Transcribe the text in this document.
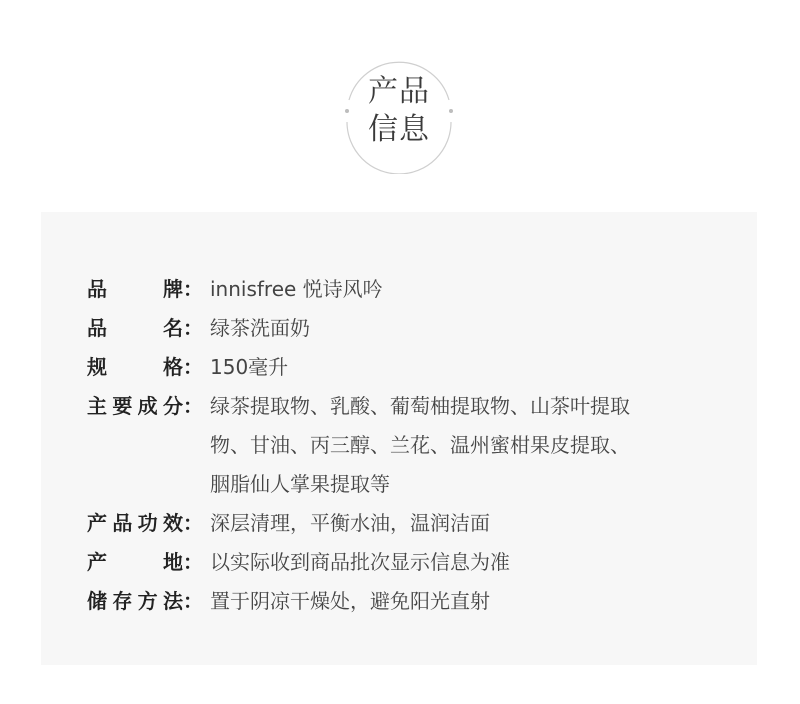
产品
信息
品 牌： innisfree 悦诗风吟
品 名： 绿茶洗面奶
规 格： 150毫升
主要成分： 绿茶提取物、乳酸、葡萄柚提取物、山茶叶提取
物、甘油、丙三醇、兰花、温州蜜柑果皮提取、
胭脂仙人掌果提取等
产品功效： 深层清理，平衡水油，温润洁面
产 地： 以实际收到商品批次显示信息为准
储存方法： 置于阴凉干燥处，避免阳光直射
